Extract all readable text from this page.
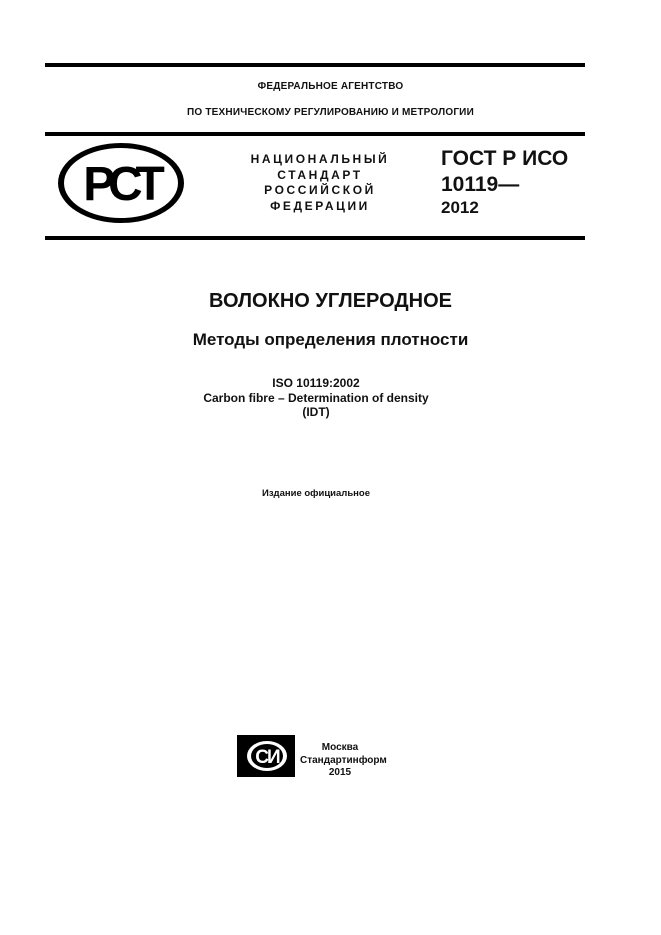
ФЕДЕРАЛЬНОЕ АГЕНТСТВО
ПО ТЕХНИЧЕСКОМУ РЕГУЛИРОВАНИЮ И МЕТРОЛОГИИ
РСТ	НАЦИОНАЛЬНЫЙ
СТАНДАРТ
РОССИЙСКОЙ
ФЕДЕРАЦИИ
ГОСТ Р ИСО
10119—
2012
ВОЛОКНО УГЛЕРОДНОЕ
Методы определения плотности
ISO 10119:2002
Carbon fibre – Determination of density
(IDT)
Издание официальное
СИ	Москва
Стандартинформ
2015
